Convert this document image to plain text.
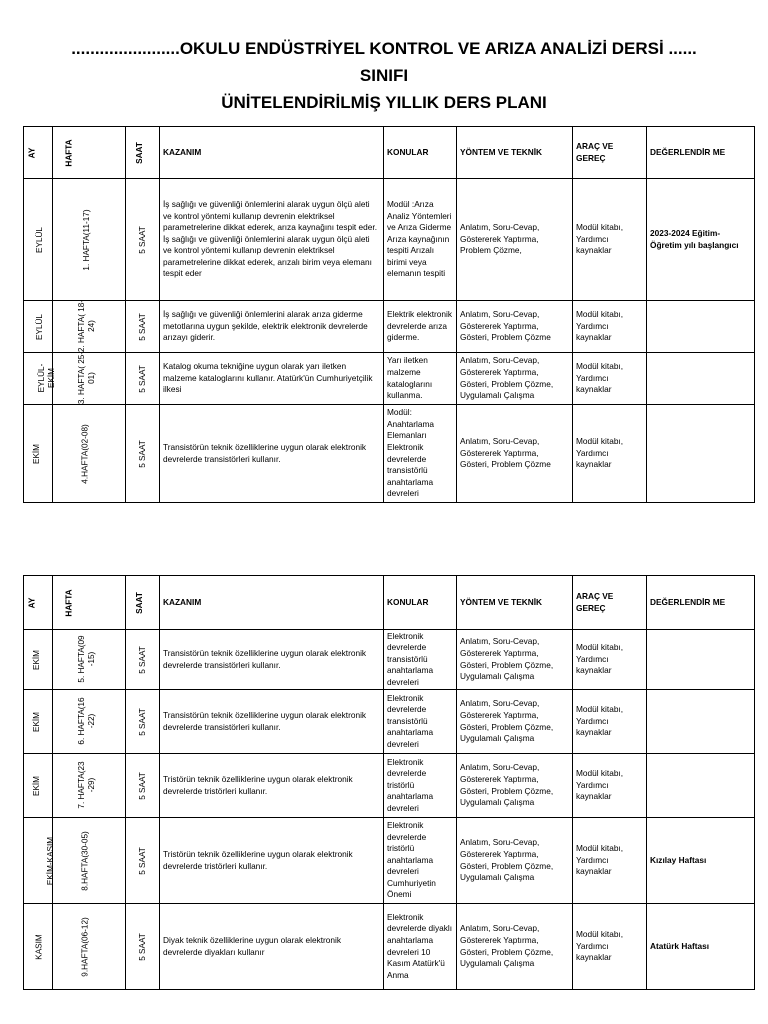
.......................OKULU ENDÜSTRİYEL KONTROL VE ARIZA ANALİZİ DERSİ ......
SINIFI
ÜNİTELENDİRİLMİŞ YILLIK DERS PLANI
AY	HAFTA	SAAT	KAZANIM	KONULAR	YÖNTEM VE TEKNİK	ARAÇ VE GEREÇ	DEĞERLENDİR ME
EYLÜL	1. HAFTA(11-17)	5 SAAT	İş sağlığı ve güvenliği önlemlerini alarak uygun ölçü aleti ve kontrol yöntemi kullanıp devrenin elektriksel parametrelerine dikkat ederek, arıza kaynağını tespit eder. İş sağlığı ve güvenliği önlemlerini alarak uygun ölçü aleti ve kontrol yöntemi kullanıp devrenin elektriksel parametrelerine dikkat ederek, arızalı birim veya elemanı tespit eder	Modül :Arıza Analiz Yöntemleri ve Arıza Giderme Arıza kaynağının tespiti Arızalı birimi veya elemanın tespiti	Anlatım, Soru-Cevap, Göstererek Yaptırma, Problem Çözme,	Modül kitabı, Yardımcı kaynaklar	2023-2024 Eğitim-Öğretim yılı başlangıcı
EYLÜL	2. HAFTA( 18-24)	5 SAAT	İş sağlığı ve güvenliği önlemlerini alarak arıza giderme metotlarına uygun şekilde, elektrik elektronik devrelerde arızayı giderir.	Elektrik elektronik devrelerde arıza giderme.	Anlatım, Soru-Cevap, Göstererek Yaptırma, Gösteri, Problem Çözme	Modül kitabı, Yardımcı kaynaklar	
EYLÜL- EKİM	3. HAFTA( 25-01)	5 SAAT	Katalog okuma tekniğine uygun olarak yarı iletken malzeme kataloglarını kullanır. Atatürk'ün Cumhuriyetçilik ilkesi	Yarı iletken malzeme kataloglarını kullanma.	Anlatım, Soru-Cevap, Göstererek Yaptırma, Gösteri, Problem Çözme, Uygulamalı Çalışma	Modül kitabı, Yardımcı kaynaklar	
EKİM	4.HAFTA(02-08)	5 SAAT	Transistörün teknik özelliklerine uygun olarak elektronik devrelerde transistörleri kullanır.	Modül: Anahtarlama Elemanları Elektronik devrelerde transistörlü anahtarlama devreleri	Anlatım, Soru-Cevap, Göstererek Yaptırma, Gösteri, Problem Çözme	Modül kitabı, Yardımcı kaynaklar	
AY	HAFTA	SAAT	KAZANIM	KONULAR	YÖNTEM VE TEKNİK	ARAÇ VE GEREÇ	DEĞERLENDİR ME
EKİM	5. HAFTA(09 -15)	5 SAAT	Transistörün teknik özelliklerine uygun olarak elektronik devrelerde transistörleri kullanır.	Elektronik devrelerde transistörlü anahtarlama devreleri	Anlatım, Soru-Cevap, Göstererek Yaptırma, Gösteri, Problem Çözme, Uygulamalı Çalışma	Modül kitabı, Yardımcı kaynaklar	
EKİM	6. HAFTA(16 -22)	5 SAAT	Transistörün teknik özelliklerine uygun olarak elektronik devrelerde transistörleri kullanır.	Elektronik devrelerde transistörlü anahtarlama devreleri	Anlatım, Soru-Cevap, Göstererek Yaptırma, Gösteri, Problem Çözme, Uygulamalı Çalışma	Modül kitabı, Yardımcı kaynaklar	
EKİM	7. HAFTA(23 -29)	5 SAAT	Tristörün teknik özelliklerine uygun olarak elektronik devrelerde tristörleri kullanır.	Elektronik devrelerde tristörlü anahtarlama devreleri	Anlatım, Soru-Cevap, Göstererek Yaptırma, Gösteri, Problem Çözme, Uygulamalı Çalışma	Modül kitabı, Yardımcı kaynaklar	
EKİM-KASIM	8.HAFTA(30-05)	5 SAAT	Tristörün teknik özelliklerine uygun olarak elektronik devrelerde tristörleri kullanır.	Elektronik devrelerde tristörlü anahtarlama devreleri Cumhuriyetin Önemi	Anlatım, Soru-Cevap, Göstererek Yaptırma, Gösteri, Problem Çözme, Uygulamalı Çalışma	Modül kitabı, Yardımcı kaynaklar	Kızılay Haftası
KASIM	9.HAFTA(06-12)	5 SAAT	Diyak teknik özelliklerine uygun olarak elektronik devrelerde diyakları kullanır	Elektronik devrelerde diyaklı anahtarlama devreleri 10 Kasım Atatürk'ü Anma	Anlatım, Soru-Cevap, Göstererek Yaptırma, Gösteri, Problem Çözme, Uygulamalı Çalışma	Modül kitabı, Yardımcı kaynaklar	Atatürk Haftası
